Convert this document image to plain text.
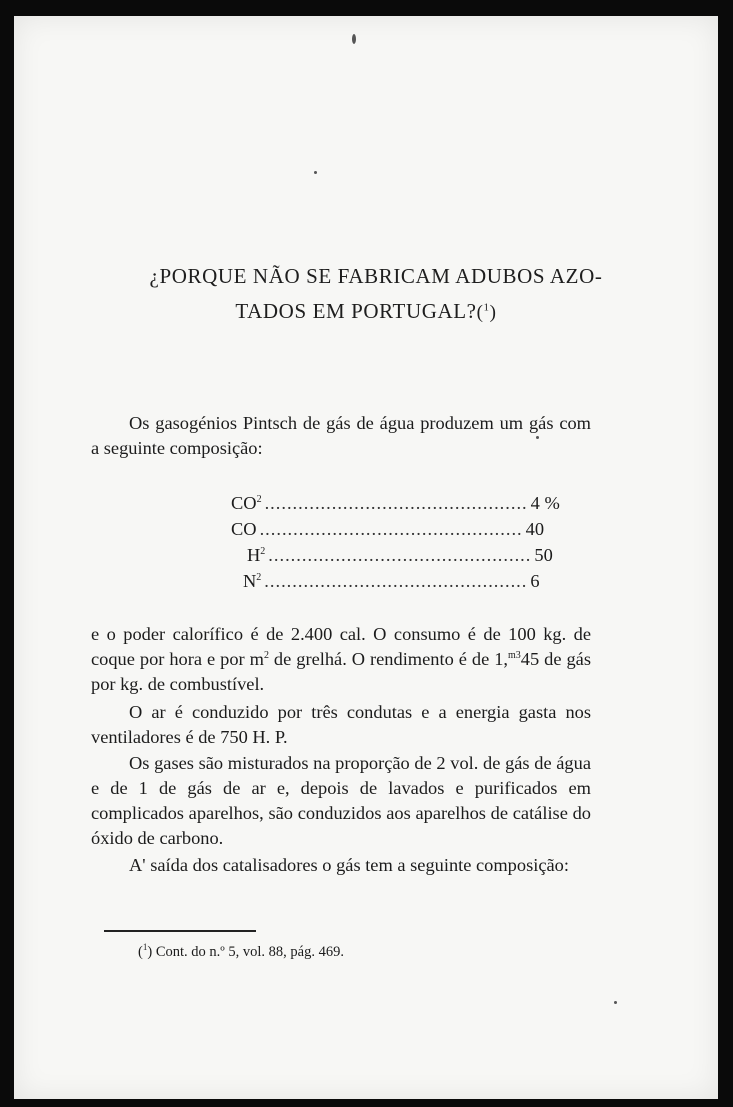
¿PORQUE NÃO SE FABRICAM ADUBOS AZO-
TADOS EM PORTUGAL?($^1$)
Os gasogénios Pintsch de gás de água produzem um gás com a seguinte composição:
$CO^2$ ............................................... 4 %
CO ............................................... 40
$H^2$ ............................................... 50
$N^2$ ............................................... 6
e o poder calorífico é de 2.400 cal. O consumo é de 100 kg. de coque por hora e por $m^2$ de grelhá. O rendimento é de 1,$^{m3}$45 de gás por kg. de combustível.
O ar é conduzido por três condutas e a energia gasta nos ventiladores é de 750 H. P.
Os gases são misturados na proporção de 2 vol. de gás de água e de 1 de gás de ar e, depois de lavados e purificados em complicados aparelhos, são conduzidos aos aparelhos de catálise do óxido de carbono.
A' saída dos catalisadores o gás tem a seguinte composição:
($^1$) Cont. do n.º 5, vol. 88, pág. 469.
